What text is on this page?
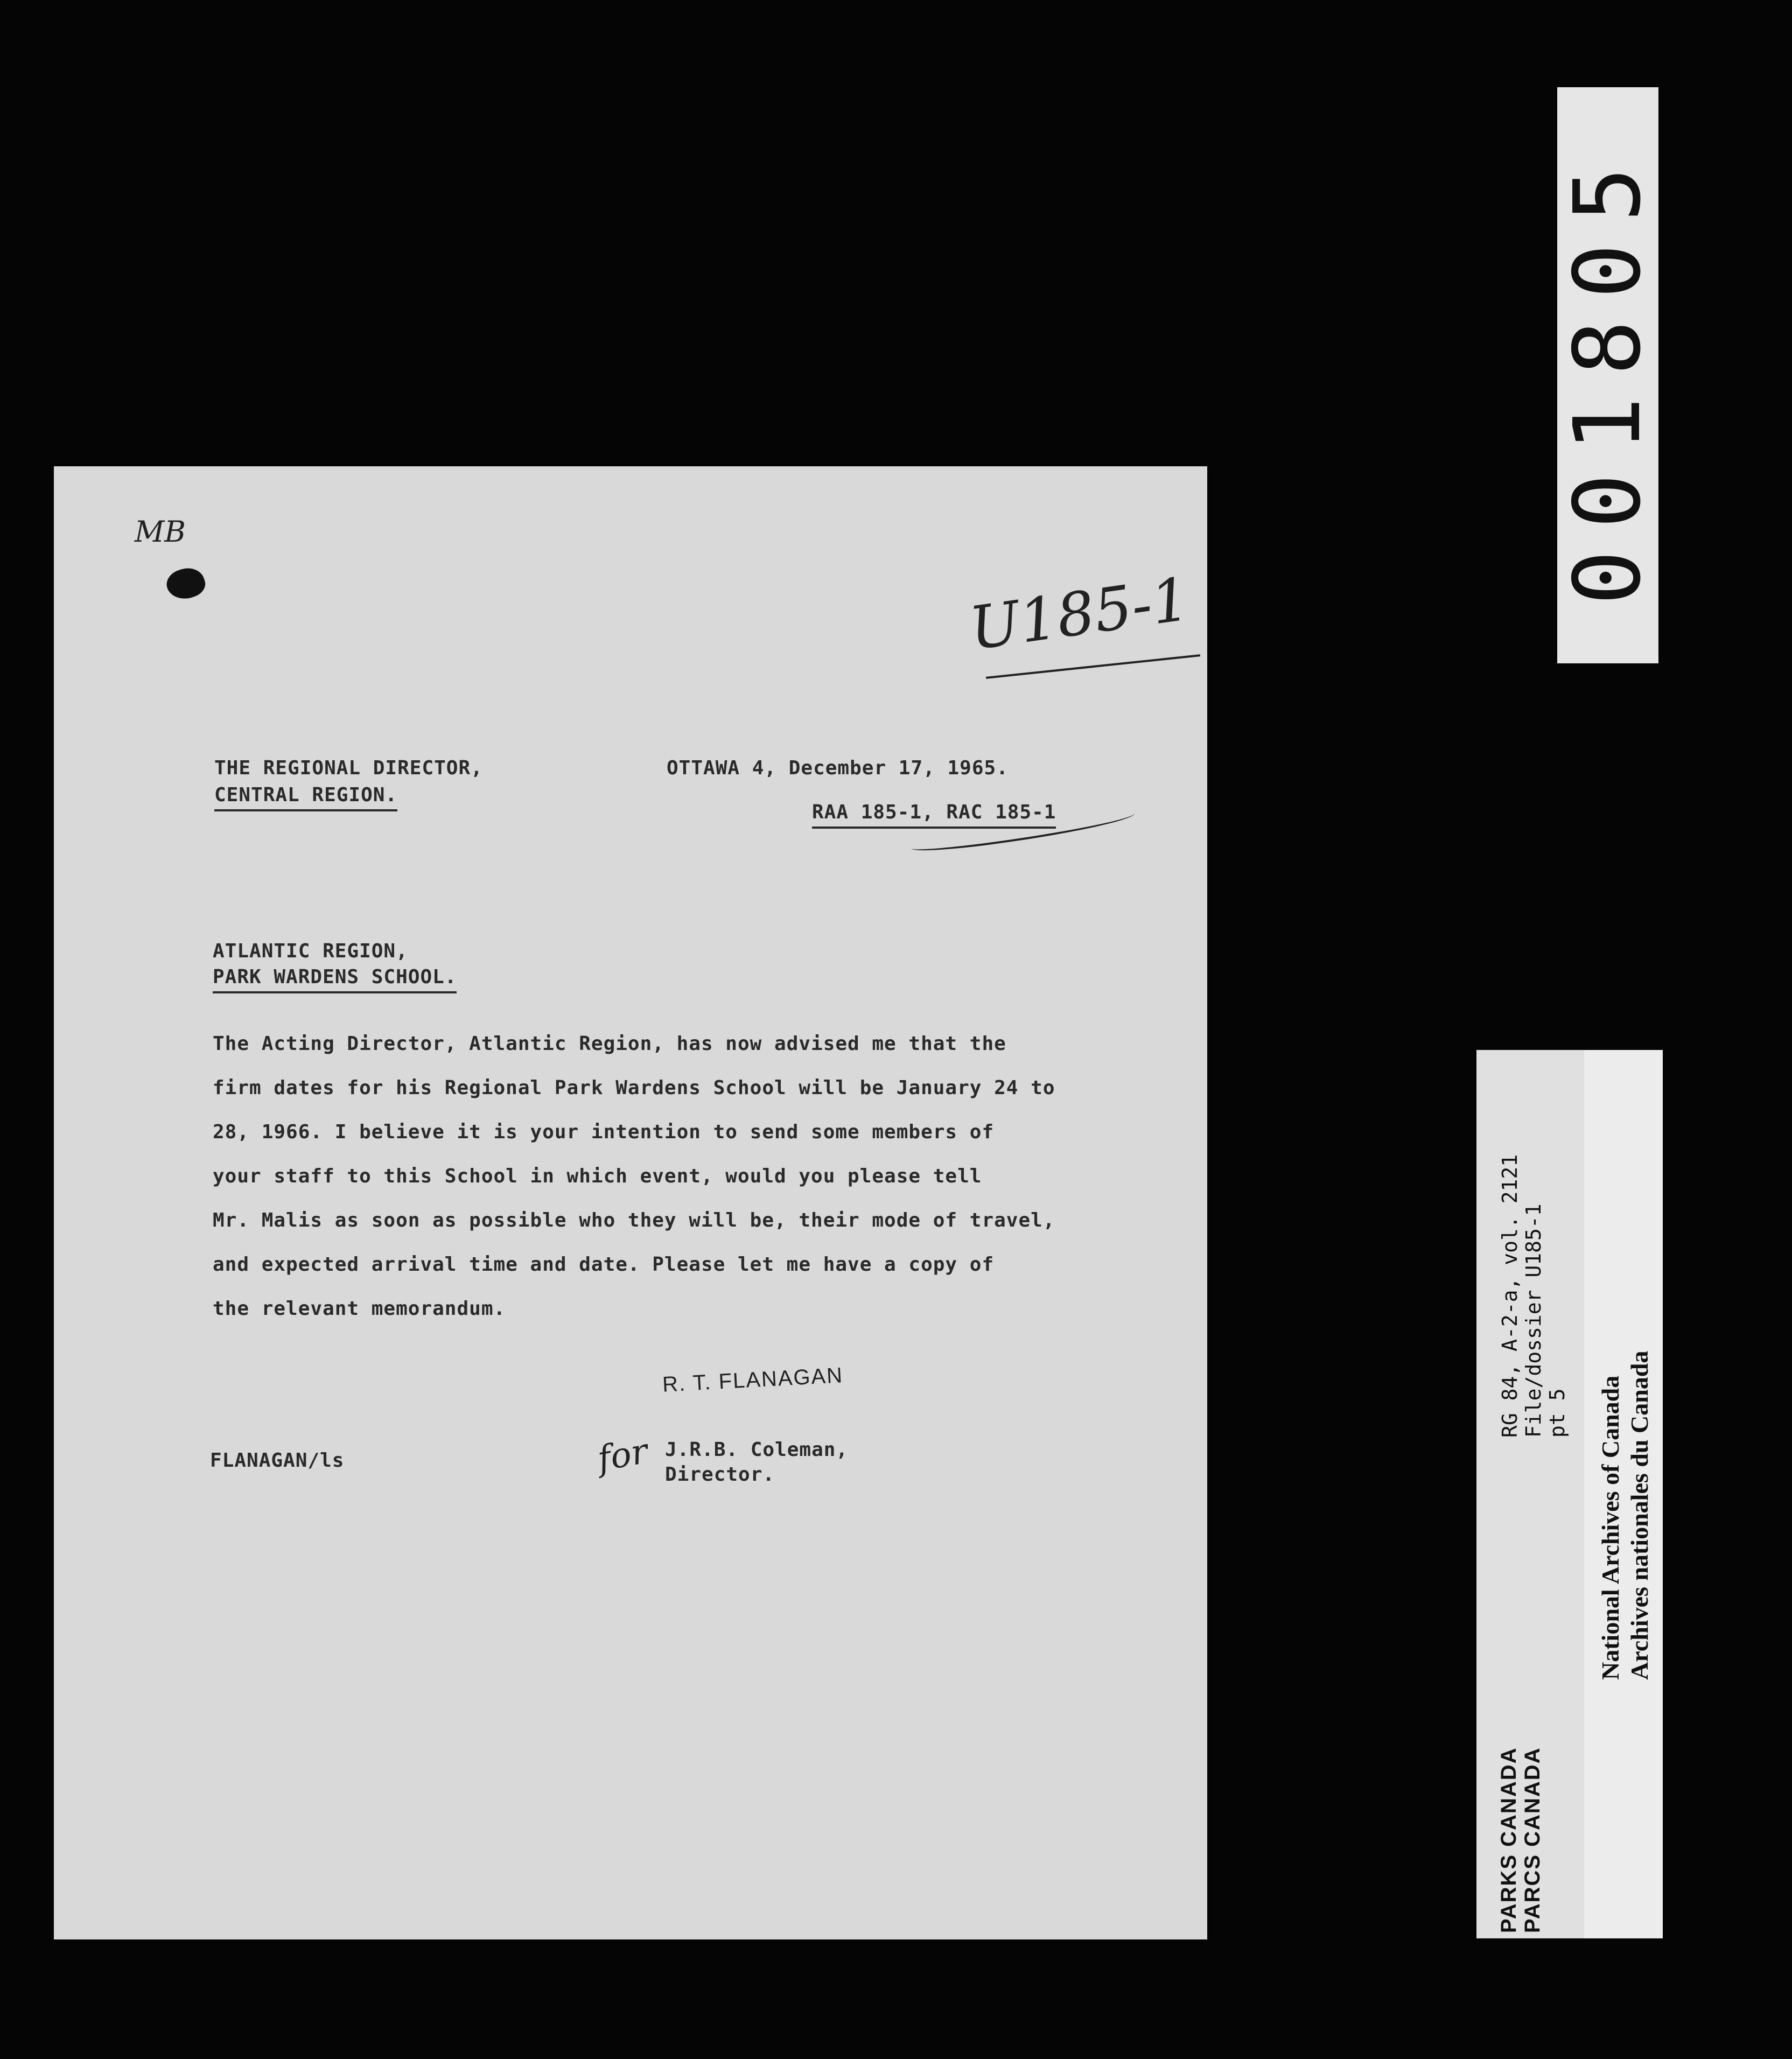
MB
U185-1
THE REGIONAL DIRECTOR,
CENTRAL REGION.
OTTAWA 4, December 17, 1965.
RAA 185-1, RAC 185-1
ATLANTIC REGION,
PARK WARDENS SCHOOL.
The Acting Director, Atlantic Region, has now advised me that the
firm dates for his Regional Park Wardens School will be January 24 to
28, 1966. I believe it is your intention to send some members of
your staff to this School in which event, would you please tell
Mr. Malis as soon as possible who they will be, their mode of travel,
and expected arrival time and date. Please let me have a copy of
the relevant memorandum.
R. T. FLANAGAN
FLANAGAN/ls	for J.R.B. Coleman,
Director.
001805
PARKS CANADA PARCS CANADA
RG 84, A-2-a, vol. 2121 File/dossier U185-1 pt 5 National Archives of Canada Archives nationales du Canada
